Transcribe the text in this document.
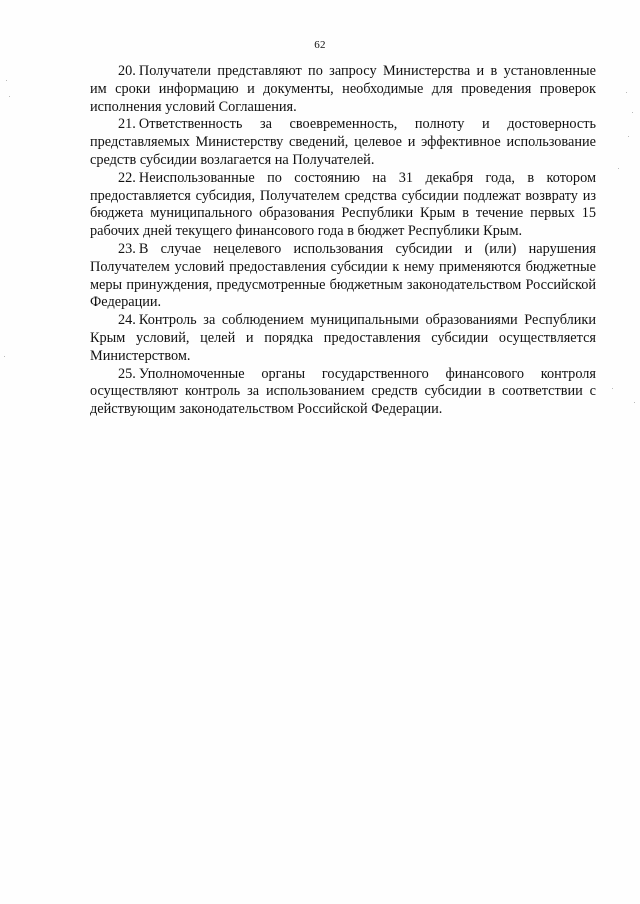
62

20. Получатели представляют по запросу Министерства и в установленные им сроки информацию и документы, необходимые для проведения проверок исполнения условий Соглашения.

21. Ответственность за своевременность, полноту и достоверность представляемых Министерству сведений, целевое и эффективное использование средств субсидии возлагается на Получателей.

22. Неиспользованные по состоянию на 31 декабря года, в котором предоставляется субсидия, Получателем средства субсидии подлежат возврату из бюджета муниципального образования Республики Крым в течение первых 15 рабочих дней текущего финансового года в бюджет Республики Крым.

23. В случае нецелевого использования субсидии и (или) нарушения Получателем условий предоставления субсидии к нему применяются бюджетные меры принуждения, предусмотренные бюджетным законодательством Российской Федерации.

24. Контроль за соблюдением муниципальными образованиями Республики Крым условий, целей и порядка предоставления субсидии осуществляется Министерством.

25. Уполномоченные органы государственного финансового контроля осуществляют контроль за использованием средств субсидии в соответствии с действующим законодательством Российской Федерации.
